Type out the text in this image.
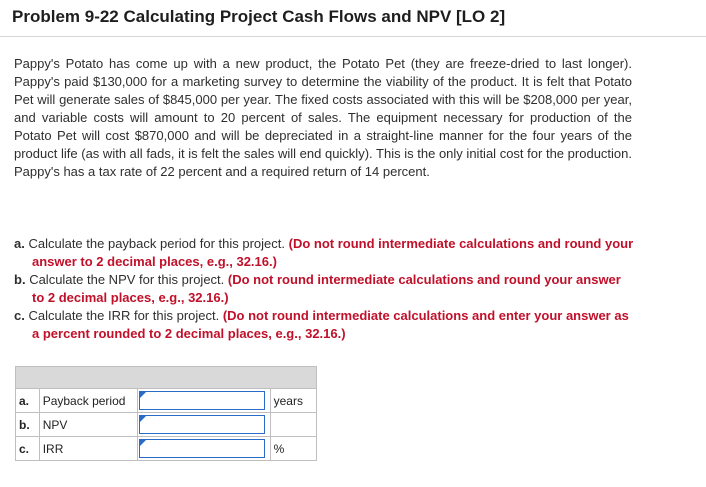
Problem 9-22 Calculating Project Cash Flows and NPV [LO 2]

Pappy's Potato has come up with a new product, the Potato Pet (they are freeze-dried to last longer). Pappy's paid $130,000 for a marketing survey to determine the viability of the product. It is felt that Potato Pet will generate sales of $845,000 per year. The fixed costs associated with this will be $208,000 per year, and variable costs will amount to 20 percent of sales. The equipment necessary for production of the Potato Pet will cost $870,000 and will be depreciated in a straight-line manner for the four years of the product life (as with all fads, it is felt the sales will end quickly). This is the only initial cost for the production. Pappy's has a tax rate of 22 percent and a required return of 14 percent.

a. Calculate the payback period for this project. (Do not round intermediate calculations and round your answer to 2 decimal places, e.g., 32.16.)
b. Calculate the NPV for this project. (Do not round intermediate calculations and round your answer to 2 decimal places, e.g., 32.16.)
c. Calculate the IRR for this project. (Do not round intermediate calculations and enter your answer as a percent rounded to 2 decimal places, e.g., 32.16.)

a.	Payback period		years
b.	NPV	

c.	IRR		%
